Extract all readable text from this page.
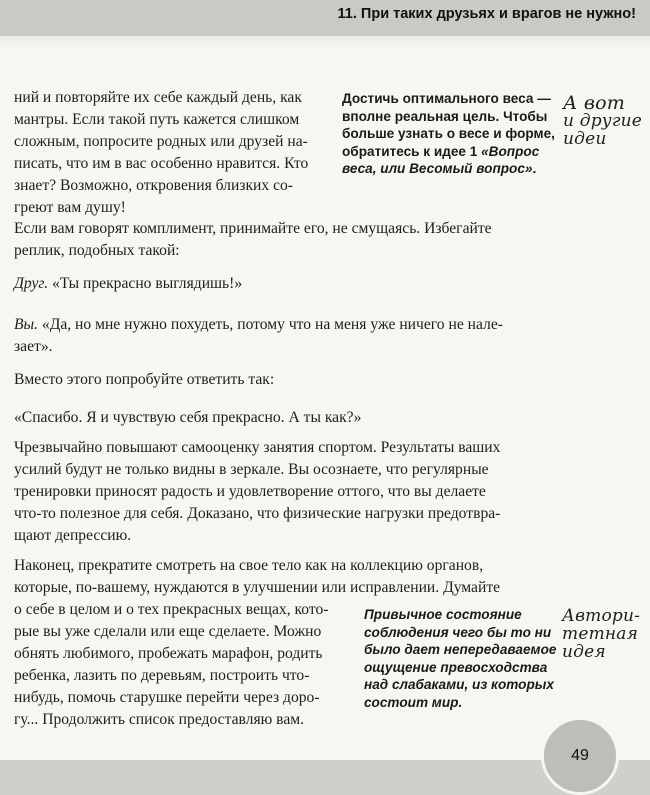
11. При таких друзьях и врагов не нужно!
ний и повторяйте их себе каждый день, как
мантры. Если такой путь кажется слишком
сложным, попросите родных или друзей на-
писать, что им в вас особенно нравится. Кто
знает? Возможно, откровения близких со-
греют вам душу!
Если вам говорят комплимент, принимайте его, не смущаясь. Избегайте
реплик, подобных такой:
Друг. «Ты прекрасно выглядишь!»
Вы. «Да, но мне нужно похудеть, потому что на меня уже ничего не нале-
зает».
Вместо этого попробуйте ответить так:
«Спасибо. Я и чувствую себя прекрасно. А ты как?»
Чрезвычайно повышают самооценку занятия спортом. Результаты ваших
усилий будут не только видны в зеркале. Вы осознаете, что регулярные
тренировки приносят радость и удовлетворение оттого, что вы делаете
что-то полезное для себя. Доказано, что физические нагрузки предотвра-
щают депрессию.
Наконец, прекратите смотреть на свое тело как на коллекцию органов,
которые, по-вашему, нуждаются в улучшении или исправлении. Думайте
о себе в целом и о тех прекрасных вещах, кото-
рые вы уже сделали или еще сделаете. Можно
обнять любимого, пробежать марафон, родить
ребенка, лазить по деревьям, построить что-
нибудь, помочь старушке перейти через доро-
гу... Продолжить список предоставляю вам.
Достичь оптимального веса —
вполне реальная цель. Чтобы
больше узнать о весе и форме,
обратитесь к идее 1 «Вопрос
веса, или Весомый вопрос».
Привычное состояние
соблюдения чего бы то ни
было дает непередаваемое
ощущение превосходства
над слабаками, из которых
состоит мир.
А вот
и другие
идеи
Автори-
тетная
идея
49
